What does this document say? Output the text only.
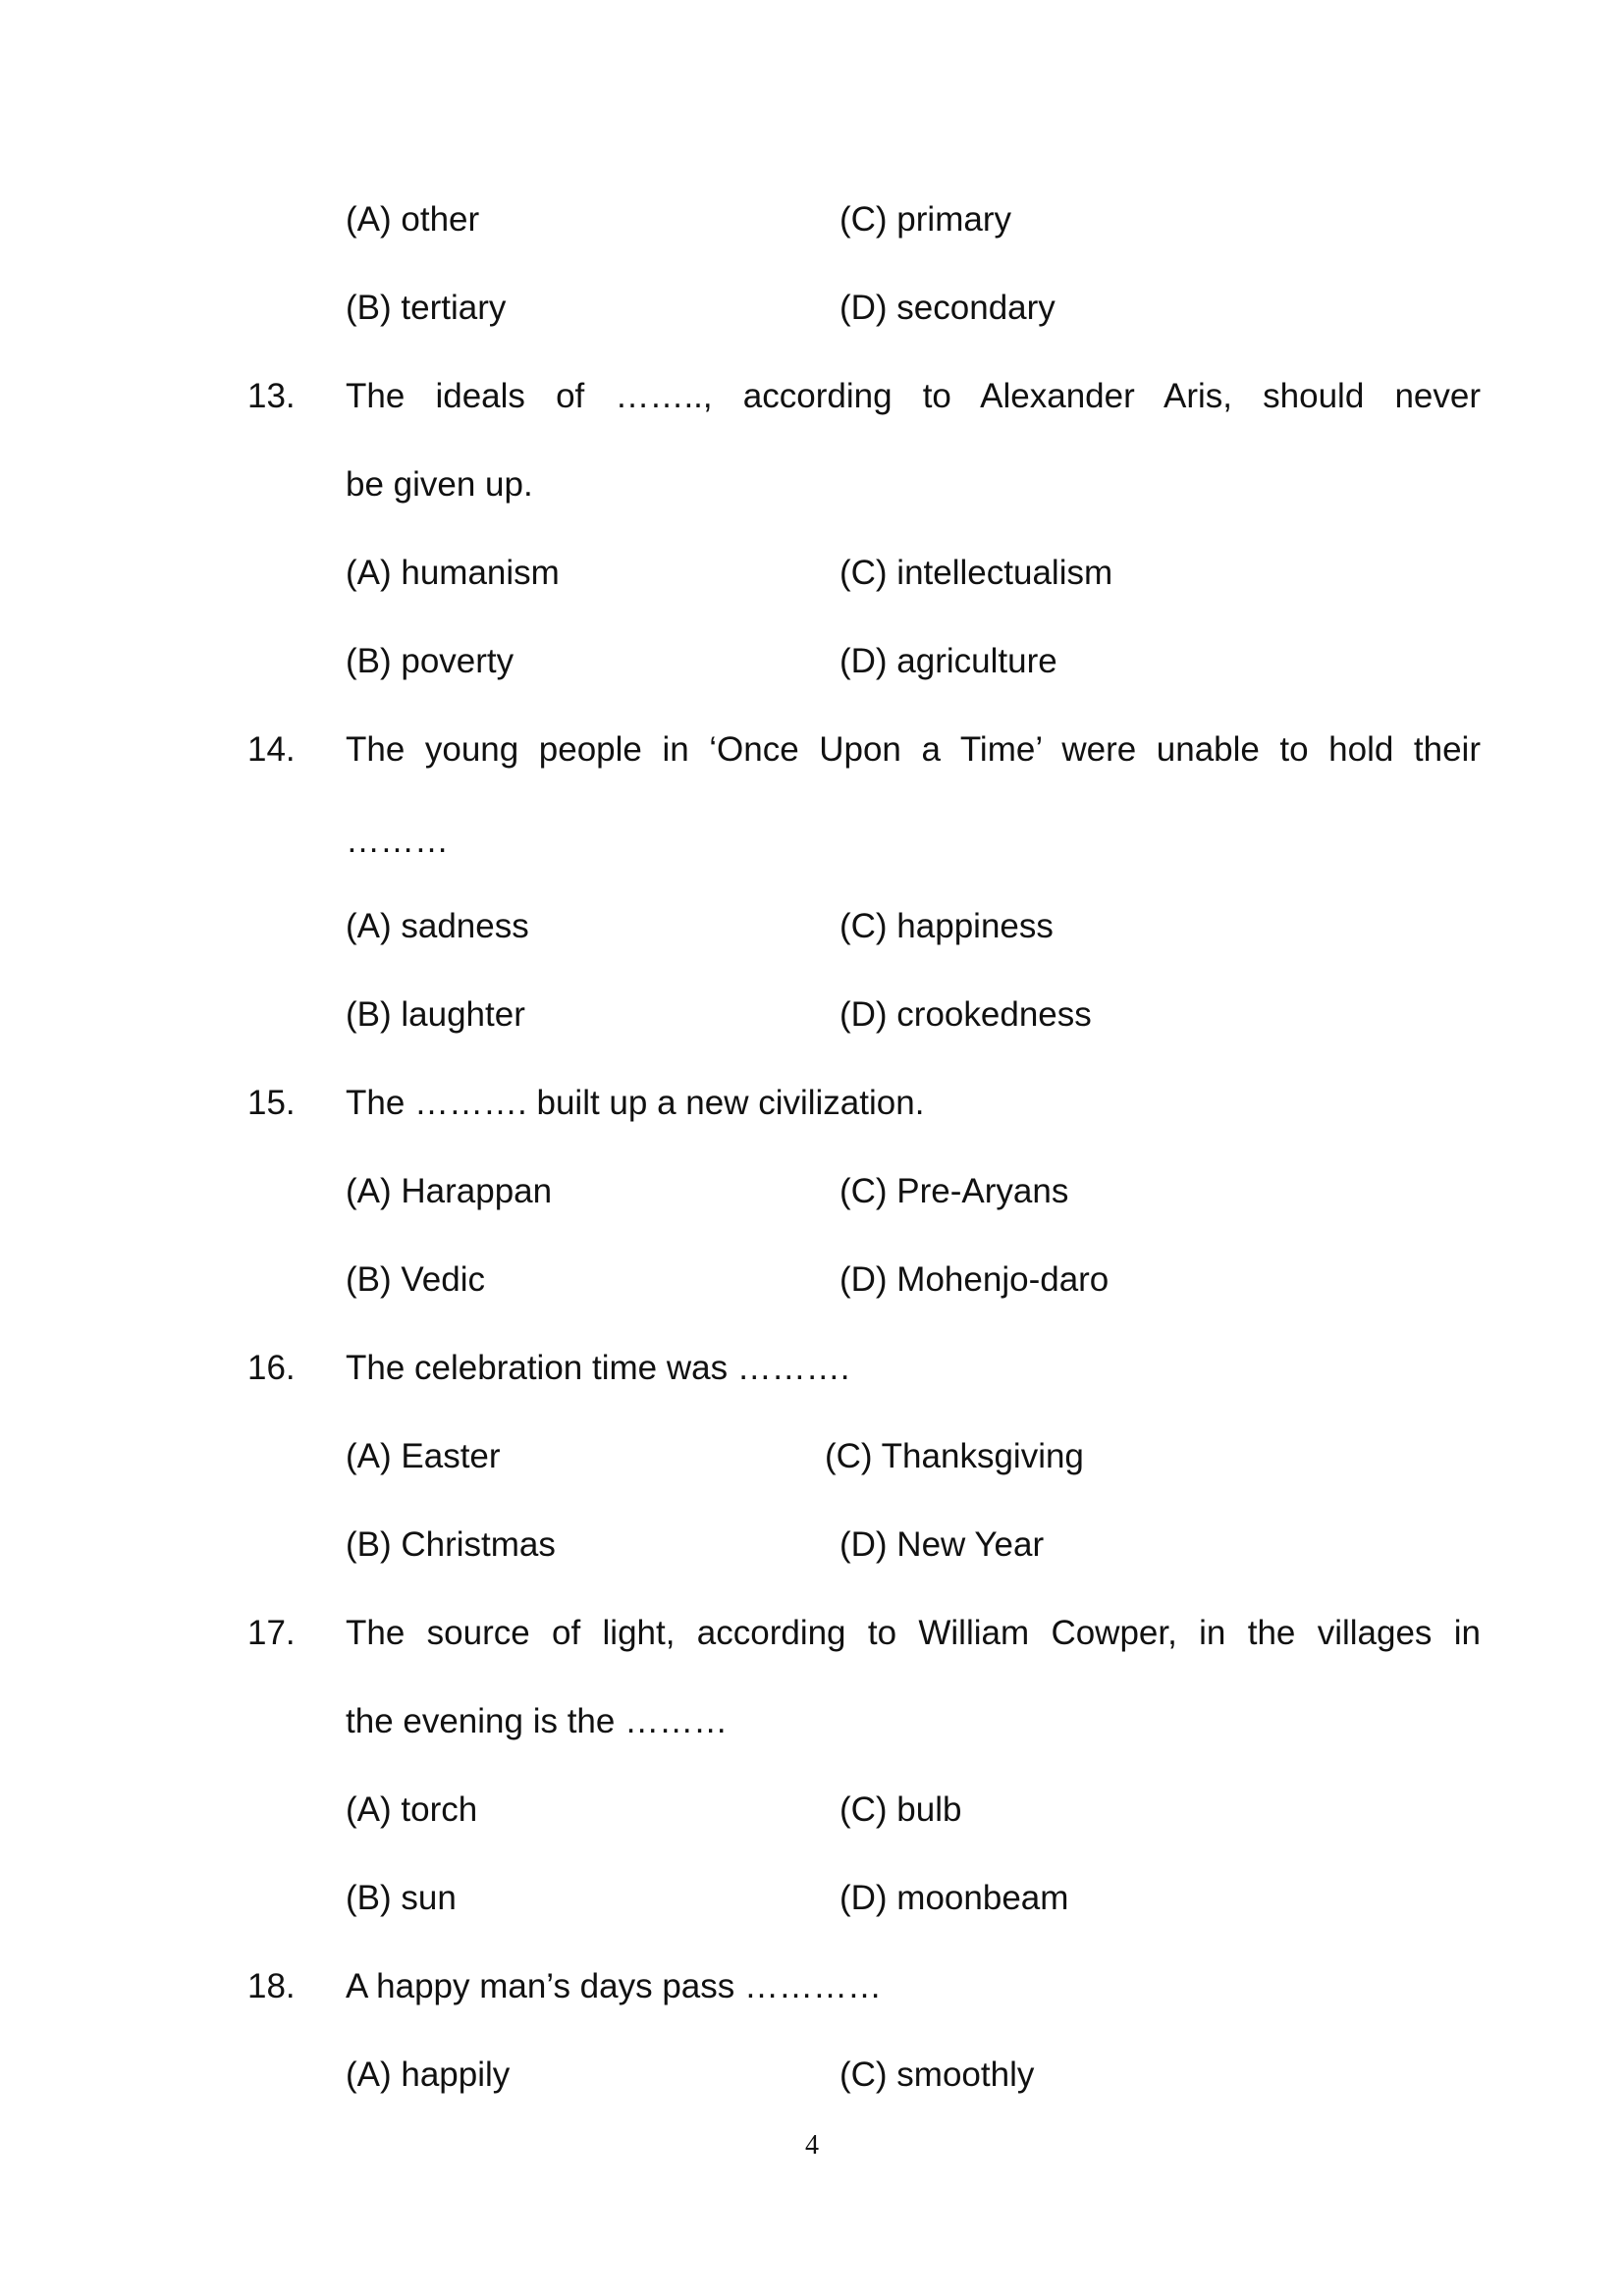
(A) other	(C) primary
(B) tertiary	(D) secondary
13. The ideals of …….., according to Alexander Aris, should never
be given up.
(A) humanism	(C) intellectualism
(B) poverty	(D) agriculture
14. The young people in ‘Once Upon a Time’ were unable to hold their
………
(A) sadness	(C) happiness
(B) laughter	(D) crookedness
15. The ………. built up a new civilization.
(A) Harappan	(C) Pre-Aryans
(B) Vedic	(D) Mohenjo-daro
16. The celebration time was ……….
(A) Easter	(C) Thanksgiving
(B) Christmas	(D) New Year
17. The source of light, according to William Cowper, in the villages in
the evening is the ………
(A) torch	(C) bulb
(B) sun	(D) moonbeam
18. A happy man’s days pass …………
(A) happily	(C) smoothly
4
